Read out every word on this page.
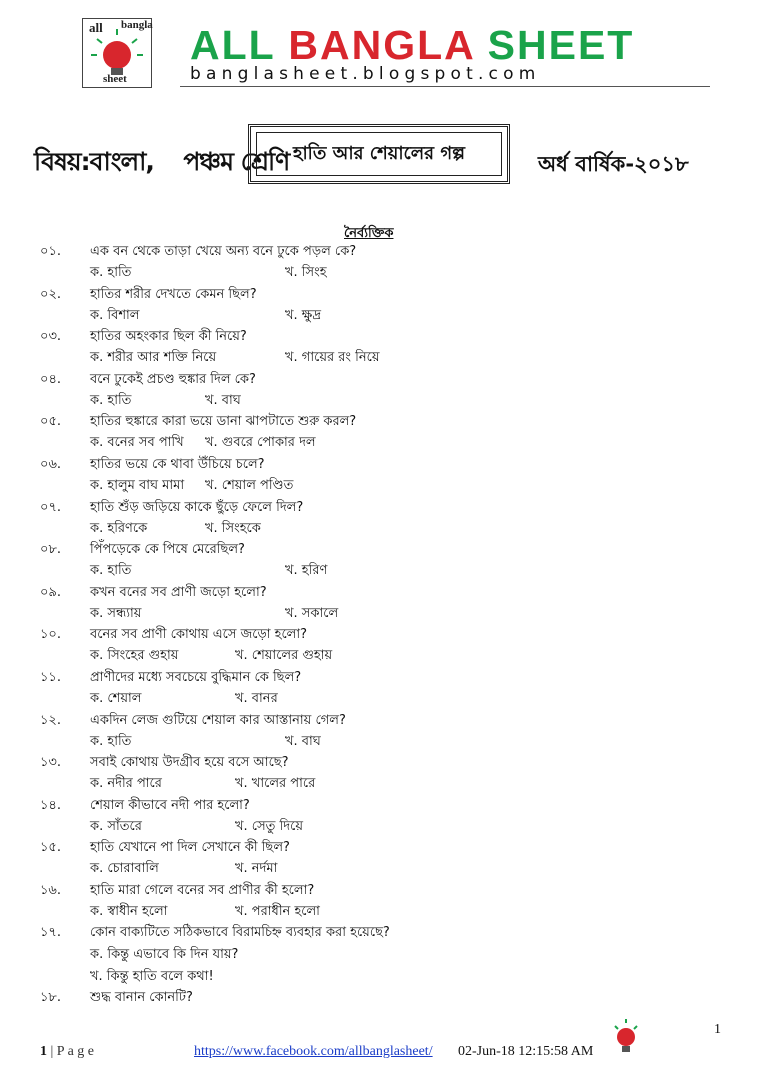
all bangla
sheet
ALL BANGLA SHEET
banglasheet.blogspot.com
বিষয়:বাংলা, পঞ্চম শ্রেণি হাতি আর শেয়ালের গল্প	অর্ধ বার্ষিক-২০১৮
নৈর্ব্যক্তিক
০১. এক বন থেকে তাড়া খেয়ে অন্য বনে ঢুকে পড়ল কে?
ক. হাতি	খ. সিংহ
০২. হাতির শরীর দেখতে কেমন ছিল?
ক. বিশাল	খ. ক্ষুদ্র
০৩. হাতির অহংকার ছিল কী নিয়ে?
ক. শরীর আর শক্তি নিয়ে	খ. গায়ের রং নিয়ে
০৪. বনে ঢুকেই প্রচণ্ড হুঙ্কার দিল কে?
ক. হাতি	খ. বাঘ
০৫. হাতির হুঙ্কারে কারা ভয়ে ডানা ঝাপটাতে শুরু করল?
ক. বনের সব পাখি খ. গুবরে পোকার দল
০৬. হাতির ভয়ে কে থাবা উঁচিয়ে চলে?
ক. হালুম বাঘ মামা খ. শেয়াল পণ্ডিত
০৭. হাতি শুঁড় জড়িয়ে কাকে ছুঁড়ে ফেলে দিল?
ক. হরিণকে	খ. সিংহকে
০৮. পিঁপড়েকে কে পিষে মেরেছিল?
ক. হাতি	খ. হরিণ
০৯. কখন বনের সব প্রাণী জড়ো হলো?
ক. সন্ধ্যায়	খ. সকালে
১০. বনের সব প্রাণী কোথায় এসে জড়ো হলো?
ক. সিংহের গুহায়	খ. শেয়ালের গুহায়
১১. প্রাণীদের মধ্যে সবচেয়ে বুদ্ধিমান কে ছিল?
ক. শেয়াল	খ. বানর
১২. একদিন লেজ গুটিয়ে শেয়াল কার আস্তানায় গেল?
ক. হাতি	খ. বাঘ
১৩. সবাই কোথায় উদগ্রীব হয়ে বসে আছে?
ক. নদীর পারে	খ. খালের পারে
১৪. শেয়াল কীভাবে নদী পার হলো?
ক. সাঁতরে	খ. সেতু দিয়ে
১৫. হাতি যেখানে পা দিল সেখানে কী ছিল?
ক. চোরাবালি	খ. নর্দমা
১৬. হাতি মারা গেলে বনের সব প্রাণীর কী হলো?
ক. স্বাধীন হলো	খ. পরাধীন হলো
১৭. কোন বাক্যটিতে সঠিকভাবে বিরামচিহ্ন ব্যবহার করা হয়েছে?
ক. কিন্তু এভাবে কি দিন যায়?
খ. কিন্তু হাতি বলে কথা!
১৮. শুদ্ধ বানান কোনটি?
1
1 | P a g e	https://www.facebook.com/allbanglasheet/ 02-Jun-18 12:15:58 AM
